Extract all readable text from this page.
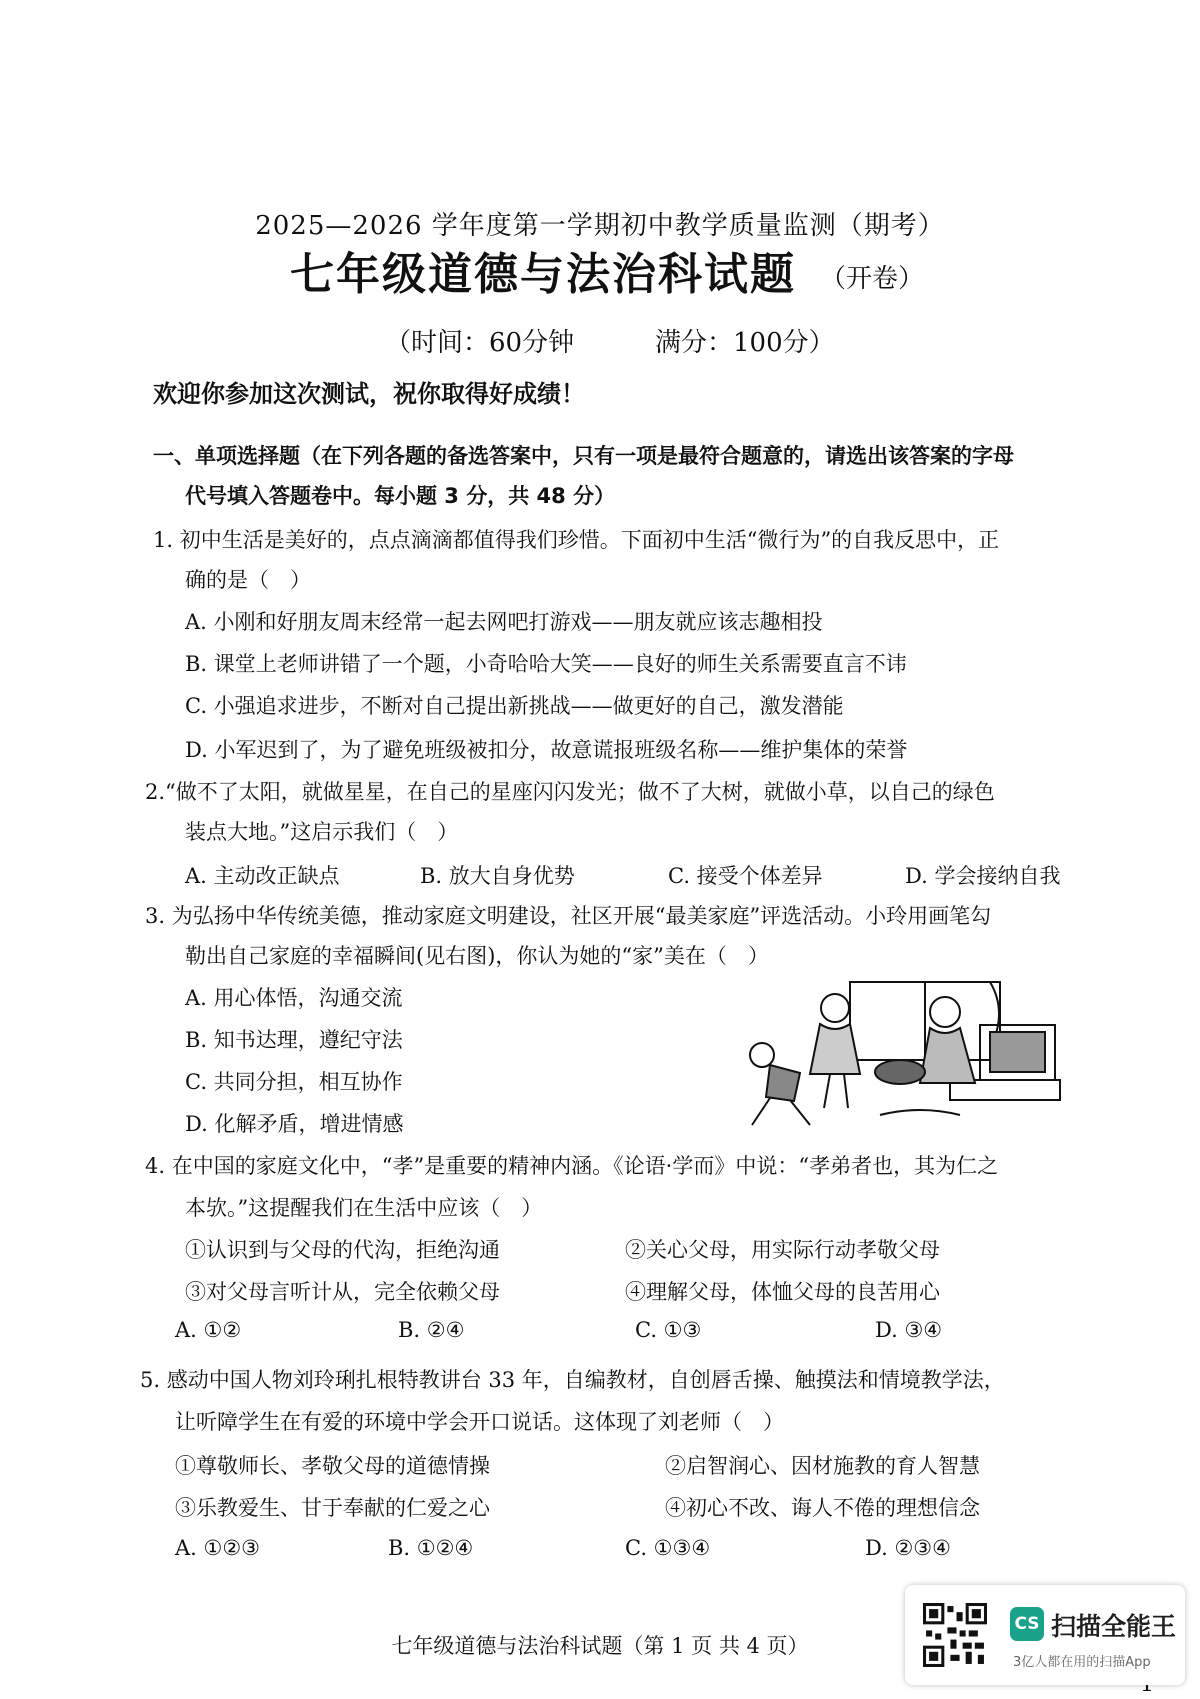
2025—2026 学年度第一学期初中教学质量监测（期考）
七年级道德与法治科试题 （开卷）
（时间：60分钟	满分：100分）
欢迎你参加这次测试，祝你取得好成绩！
一、单项选择题（在下列各题的备选答案中，只有一项是最符合题意的，请选出该答案的字母
代号填入答题卷中。每小题 3 分，共 48 分）
1. 初中生活是美好的，点点滴滴都值得我们珍惜。下面初中生活“微行为”的自我反思中，正
确的是（　）
A. 小刚和好朋友周末经常一起去网吧打游戏——朋友就应该志趣相投
B. 课堂上老师讲错了一个题，小奇哈哈大笑——良好的师生关系需要直言不讳
C. 小强追求进步，不断对自己提出新挑战——做更好的自己，激发潜能
D. 小军迟到了，为了避免班级被扣分，故意谎报班级名称——维护集体的荣誉
2.“做不了太阳，就做星星，在自己的星座闪闪发光；做不了大树，就做小草，以自己的绿色
装点大地。”这启示我们（　）
A. 主动改正缺点	B. 放大自身优势	C. 接受个体差异	D. 学会接纳自我
3. 为弘扬中华传统美德，推动家庭文明建设，社区开展“最美家庭”评选活动。小玲用画笔勾
勒出自己家庭的幸福瞬间(见右图)，你认为她的“家”美在（　）
A. 用心体悟，沟通交流
B. 知书达理，遵纪守法
C. 共同分担，相互协作
D. 化解矛盾，增进情感
4. 在中国的家庭文化中，“孝”是重要的精神内涵。《论语·学而》中说：“孝弟者也，其为仁之
本欤。”这提醒我们在生活中应该（　）
①认识到与父母的代沟，拒绝沟通	②关心父母，用实际行动孝敬父母
③对父母言听计从，完全依赖父母	④理解父母，体恤父母的良苦用心
A. ①②	B. ②④	C. ①③	D. ③④
5. 感动中国人物刘玲琍扎根特教讲台 33 年，自编教材，自创唇舌操、触摸法和情境教学法，
让听障学生在有爱的环境中学会开口说话。这体现了刘老师（　）
①尊敬师长、孝敬父母的道德情操	②启智润心、因材施教的育人智慧
③乐教爱生、甘于奉献的仁爱之心	④初心不改、诲人不倦的理想信念
A. ①②③	B. ①②④	C. ①③④	D. ②③④
七年级道德与法治科试题（第 1 页 共 4 页）
CS 扫描全能王
3亿人都在用的扫描App
